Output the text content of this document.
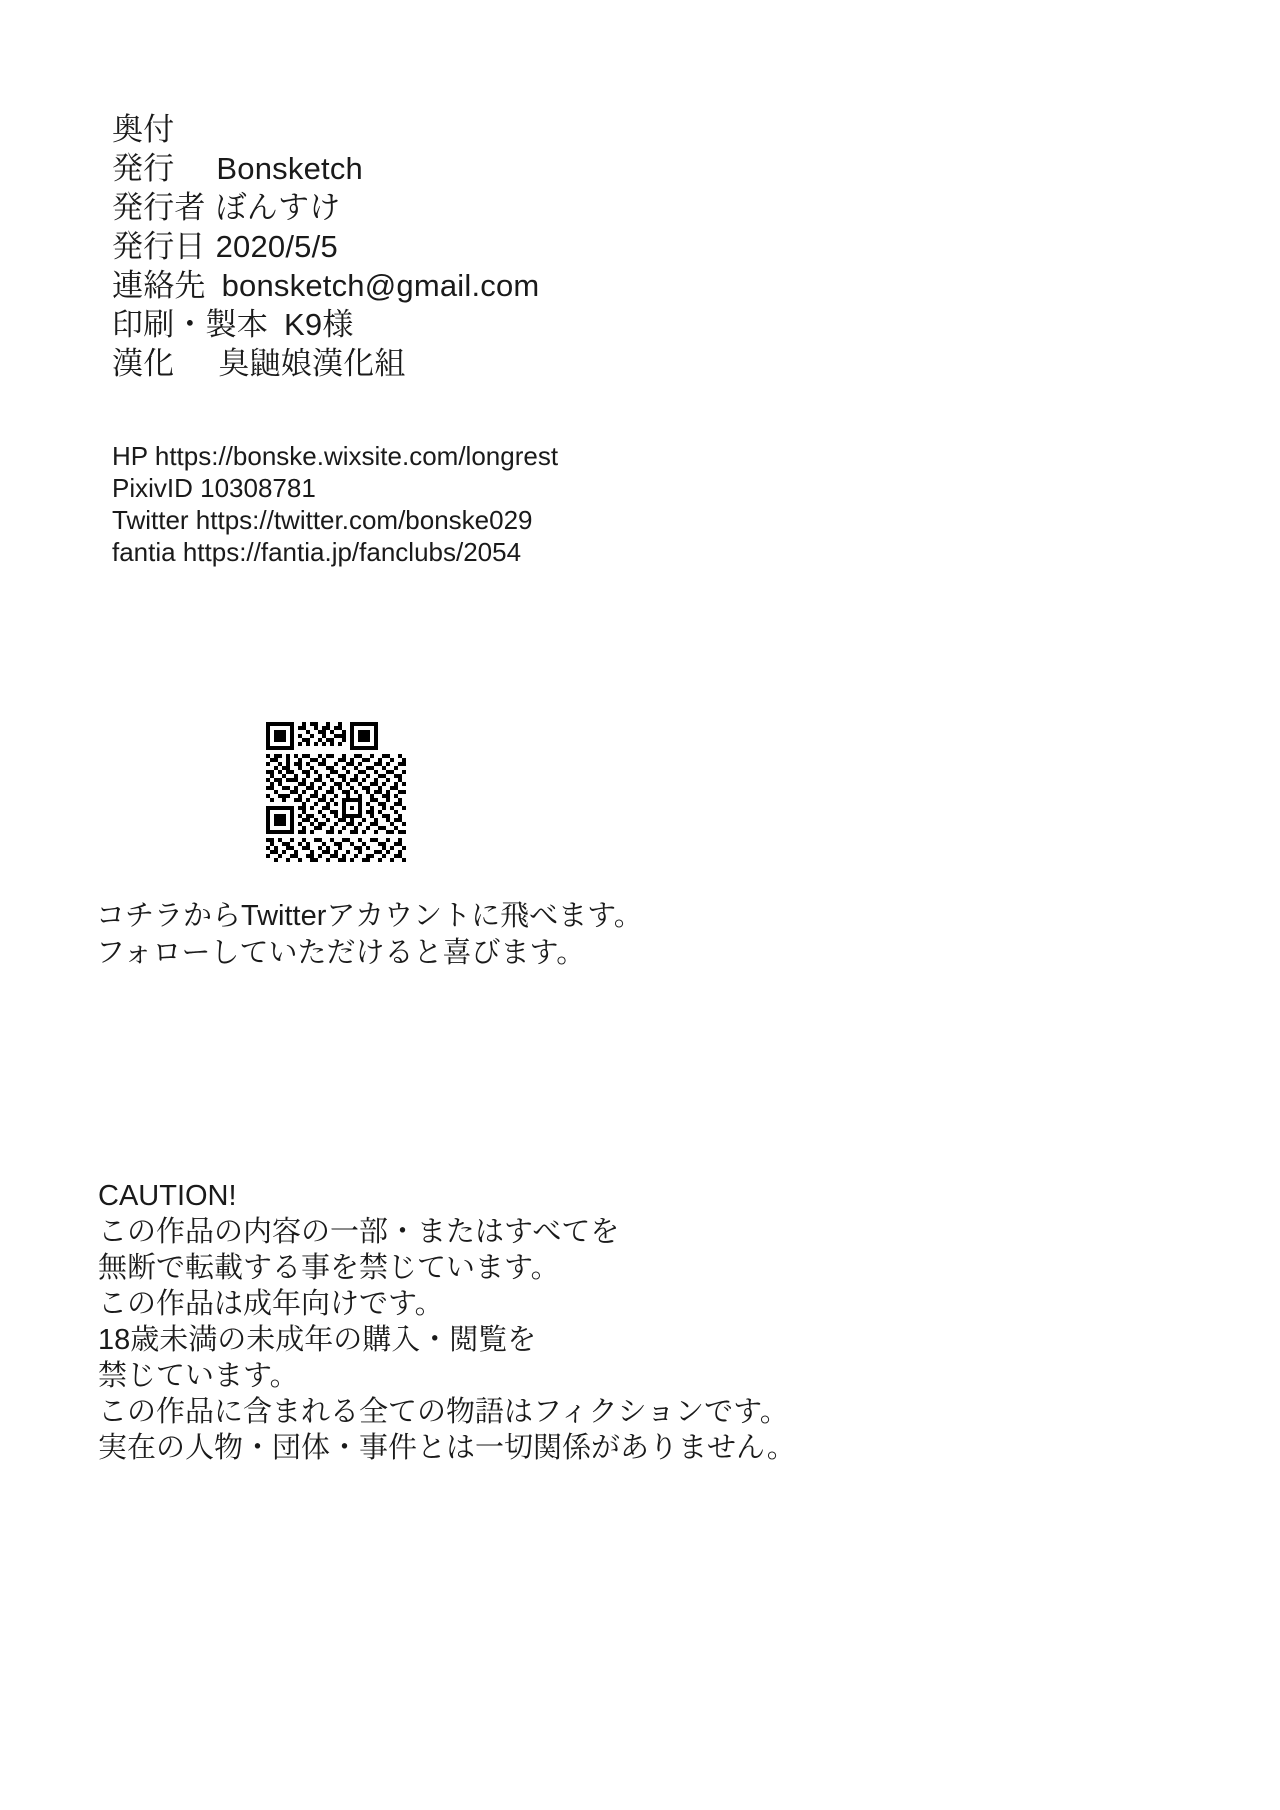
奥付
発行 Bonsketch
発行者 ぼんすけ
発行日 2020/5/5
連絡先 bonsketch@gmail.com
印刷・製本 K9様
漢化 臭鼬娘漢化組
HP https://bonske.wixsite.com/longrest
PixivID 10308781
Twitter https://twitter.com/bonske029
fantia https://fantia.jp/fanclubs/2054
コチラからTwitterアカウントに飛べます。
フォローしていただけると喜びます。
CAUTION!
この作品の内容の一部・またはすべてを
無断で転載する事を禁じています。
この作品は成年向けです。
18歳未満の未成年の購入・閲覧を
禁じています。
この作品に含まれる全ての物語はフィクションです。
実在の人物・団体・事件とは一切関係がありません。
